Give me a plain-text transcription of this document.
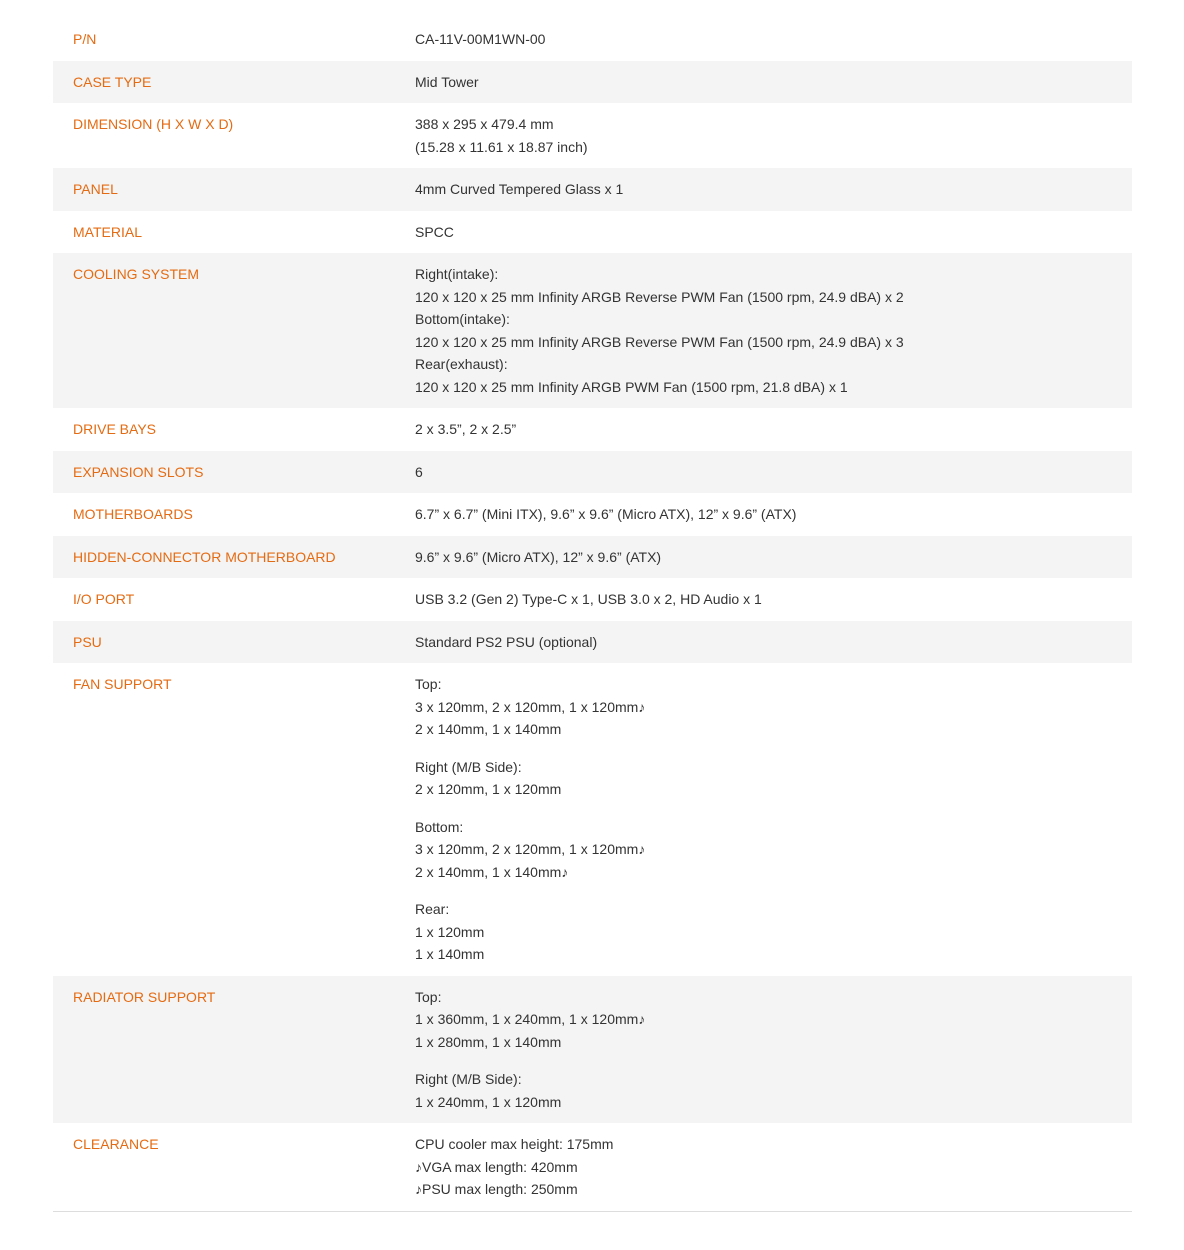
P/N	CA-11V-00M1WN-00
CASE TYPE	Mid Tower
DIMENSION (H X W X D)	388 x 295 x 479.4 mm
(15.28 x 11.61 x 18.87 inch)
PANEL	4mm Curved Tempered Glass x 1
MATERIAL	SPCC
COOLING SYSTEM	Right(intake):
120 x 120 x 25 mm Infinity ARGB Reverse PWM Fan (1500 rpm, 24.9 dBA) x 2
Bottom(intake):
120 x 120 x 25 mm Infinity ARGB Reverse PWM Fan (1500 rpm, 24.9 dBA) x 3
Rear(exhaust):
120 x 120 x 25 mm Infinity ARGB PWM Fan (1500 rpm, 21.8 dBA) x 1
DRIVE BAYS	2 x 3.5”, 2 x 2.5”
EXPANSION SLOTS	6
MOTHERBOARDS	6.7” x 6.7” (Mini ITX), 9.6” x 9.6” (Micro ATX), 12” x 9.6” (ATX)
HIDDEN-CONNECTOR MOTHERBOARD	9.6” x 9.6” (Micro ATX), 12” x 9.6” (ATX)
I/O PORT	USB 3.2 (Gen 2) Type-C x 1, USB 3.0 x 2, HD Audio x 1
PSU	Standard PS2 PSU (optional)
FAN SUPPORT	Top:
3 x 120mm, 2 x 120mm, 1 x 120mm♪
2 x 140mm, 1 x 140mm
Right (M/B Side):
2 x 120mm, 1 x 120mm
Bottom:
3 x 120mm, 2 x 120mm, 1 x 120mm♪
2 x 140mm, 1 x 140mm♪
Rear:
1 x 120mm
1 x 140mm
RADIATOR SUPPORT	Top:
1 x 360mm, 1 x 240mm, 1 x 120mm♪
1 x 280mm, 1 x 140mm
Right (M/B Side):
1 x 240mm, 1 x 120mm
CLEARANCE	CPU cooler max height: 175mm
♪VGA max length: 420mm
♪PSU max length: 250mm
